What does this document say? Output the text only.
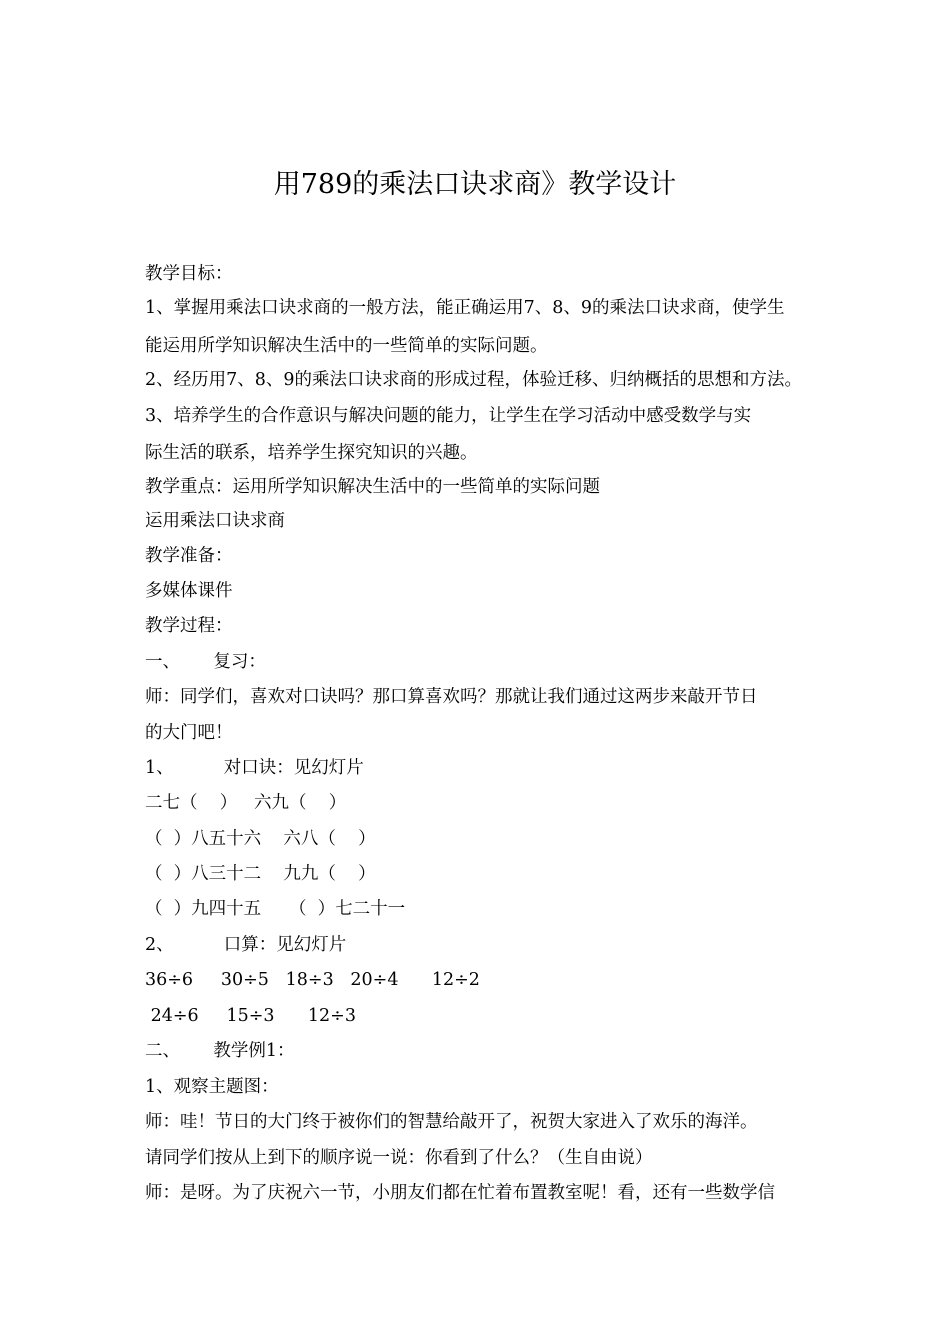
用789的乘法口诀求商》教学设计
教学目标：
1、掌握用乘法口诀求商的一般方法，能正确运用7、8、9的乘法口诀求商，使学生
能运用所学知识解决生活中的一些简单的实际问题。
2、经历用7、8、9的乘法口诀求商的形成过程，体验迁移、归纳概括的思想和方法。
3、培养学生的合作意识与解决问题的能力，让学生在学习活动中感受数学与实
际生活的联系，培养学生探究知识的兴趣。
教学重点：运用所学知识解决生活中的一些简单的实际问题
运用乘法口诀求商
教学准备：
多媒体课件
教学过程：
一、      复习：
师：同学们，喜欢对口诀吗？那口算喜欢吗？那就让我们通过这两步来敲开节日
的大门吧！
1、         对口诀：见幻灯片
二七（    ）   六九（    ）
（  ）八五十六    六八（    ）
（  ）八三十二    九九（    ）
（  ）九四十五     （  ）七二十一
2、         口算：见幻灯片
36÷6     30÷5   18÷3   20÷4      12÷2
24÷6     15÷3      12÷3
二、      教学例1：
1、观察主题图：
师：哇！节日的大门终于被你们的智慧给敲开了，祝贺大家进入了欢乐的海洋。
请同学们按从上到下的顺序说一说：你看到了什么？（生自由说）
师：是呀。为了庆祝六一节，小朋友们都在忙着布置教室呢！看，还有一些数学信
